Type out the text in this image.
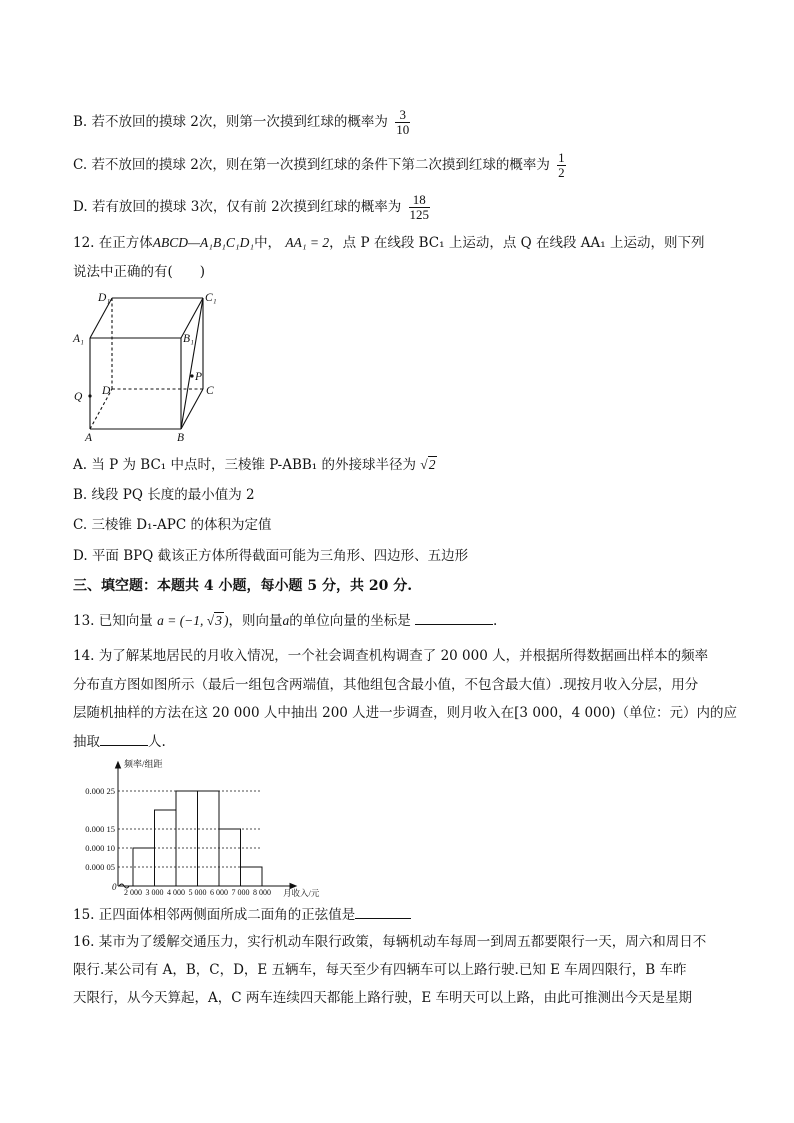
B. 若不放回的摸球 2次，则第一次摸到红球的概率为 $\frac{3}{10}$
C. 若不放回的摸球 2次，则在第一次摸到红球的条件下第二次摸到红球的概率为 $\frac{1}{2}$
D. 若有放回的摸球 3次，仅有前 2次摸到红球的概率为 $\frac{18}{125}$
12. 在正方体ABCD—A₁B₁C₁D₁中， AA₁ = 2，点 P 在线段 BC₁ 上运动，点 Q 在线段 AA₁ 上运动，则下列
说法中正确的有(　　)
D₁	C₁
A₁	B₁
P
C
D
Q
A	B
A. 当 P 为 BC₁ 中点时，三棱锥 P-ABB₁ 的外接球半径为 √2
B. 线段 PQ 长度的最小值为 2
C. 三棱锥 D₁-APC 的体积为定值
D. 平面 BPQ 截该正方体所得截面可能为三角形、四边形、五边形
三、填空题：本题共 4 小题，每小题 5 分，共 20 分.
13. 已知向量 a = (−1, √3 )，则向量a的单位向量的坐标是	.
14. 为了解某地居民的月收入情况，一个社会调查机构调查了 20 000 人，并根据所得数据画出样本的频率
分布直方图如图所示（最后一组包含两端值，其他组包含最小值，不包含最大值）.现按月收入分层，用分
层随机抽样的方法在这 20 000 人中抽出 200 人进一步调查，则月收入在[3 000，4 000)（单位：元）内的应
抽取	人.
0.000 25
0.000 15
0.000 10
0.000 05
2 000 3 000 4 000 5 000 6 000 7 000 8 000
频率/组距
0
月收入/元
15. 正四面体相邻两侧面所成二面角的正弦值是
16. 某市为了缓解交通压力，实行机动车限行政策，每辆机动车每周一到周五都要限行一天，周六和周日不
限行.某公司有 A，B，C，D，E 五辆车，每天至少有四辆车可以上路行驶.已知 E 车周四限行，B 车昨
天限行，从今天算起，A，C 两车连续四天都能上路行驶，E 车明天可以上路，由此可推测出今天是星期
